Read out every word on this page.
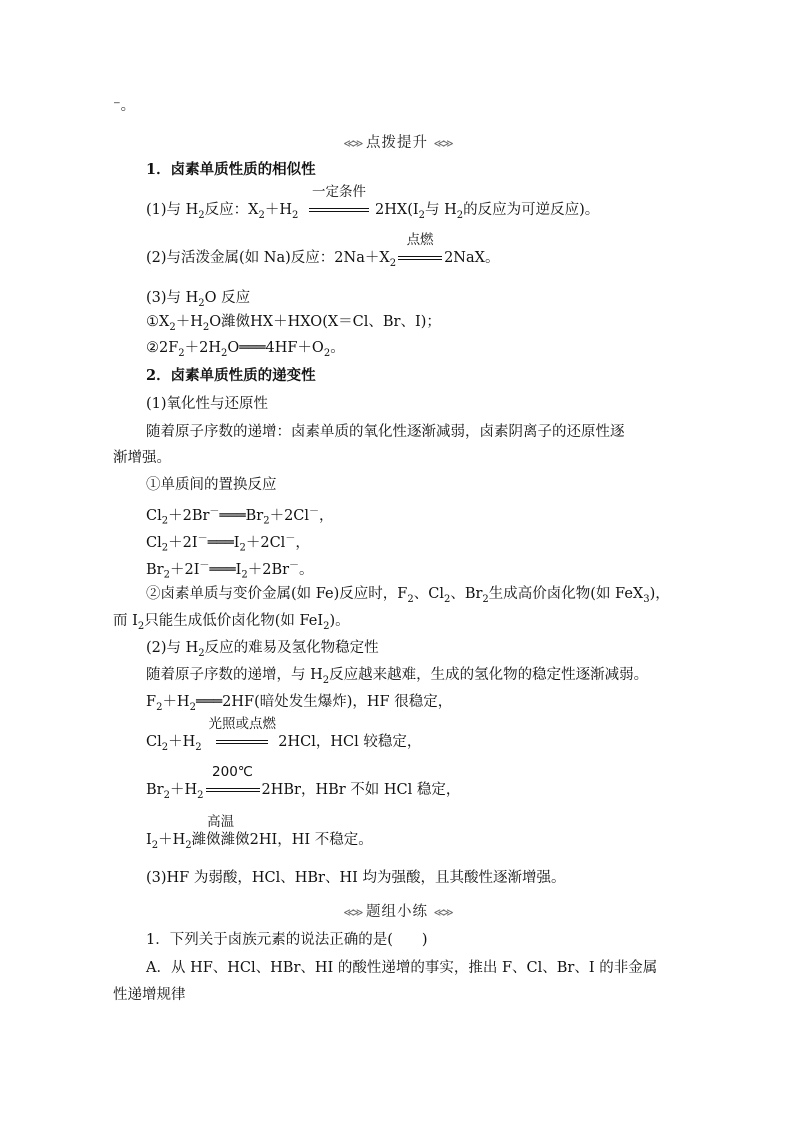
⁻。
≪≫ 点拨提升 ≪≫
1．卤素单质性质的相似性
(1)与 $H_2$反应：$X_2+H_2$
一定条件
$2HX(I_2$与 $H_2$的反应为可逆反应)。
(2)与活泼金属(如 Na)反应：$2Na+X_2$
点燃
2NaX。
(3)与 $H_2O$ 反应
$①X_2+H_2O$濰傚HX＋HXO(X＝Cl、Br、I)；
$②2F_2+2H_2O═══4HF+O_2$。
2．卤素单质性质的递变性
(1)氧化性与还原性
随着原子序数的递增：卤素单质的氧化性逐渐减弱，卤素阴离子的还原性逐
渐增强。
①单质间的置换反应
$Cl_2+2Br^-═══Br_2+2Cl^-$，
$Cl_2+2I^-═══I_2+2Cl^-$，
$Br_2+2I^-═══I_2+2Br^-$。
②卤素单质与变价金属(如 Fe)反应时，$F_2$、$Cl_2$、$Br_2$生成高价卤化物(如 FeX$_3$)，
而 $I_2$只能生成低价卤化物(如 FeI$_2$)。
(2)与 $H_2$反应的难易及氢化物稳定性
随着原子序数的递增，与 $H_2$反应越来越难，生成的氢化物的稳定性逐渐减弱。
$F_2+H_2═══2HF$(暗处发生爆炸)，HF 很稳定，
$Cl_2+H_2$
光照或点燃
2HCl，HCl 较稳定，
$Br_2+H_2$
200℃
2HBr，HBr 不如 HCl 稳定，
$I_2+H_2$
高温
濰傚濰傚2HI，HI 不稳定。
(3)HF 为弱酸，HCl、HBr、HI 均为强酸，且其酸性逐渐增强。
≪≫ 题组小练 ≪≫
1．下列关于卤族元素的说法正确的是(　　)
A．从 HF、HCl、HBr、HI 的酸性递增的事实，推出 F、Cl、Br、I 的非金属
性递增规律
